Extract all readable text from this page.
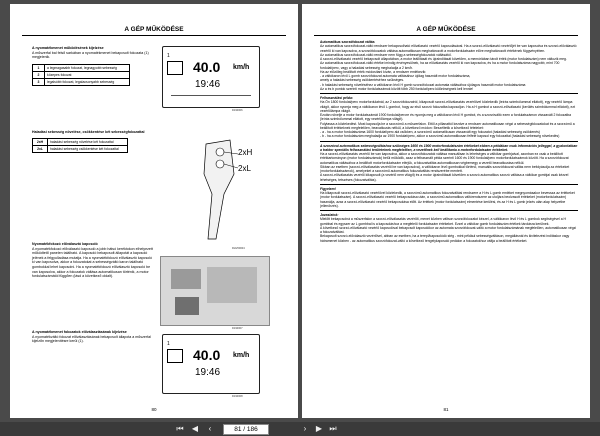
A GÉP MŰKÖDÉSE
A nyomatékmenet működésének kijelzése
A műszerfal bal felső sarkában a nyomatékmenet bekapcsolt fokozata (1) megjelenik.
1	a legmagasabb fokozat, legnagyobb sebesség
2	közepes fokozat
3	legalsóbb fokozat, legalacsonyabb sebesség
1
40.0 km/h
19:46
D190006
Haladási sebesség növelése, csökkentése két sebességfokozattal
2xH	haladási sebesség növelése két fokozattal
2xL	haladási sebesség csökkentése két fokozattal	2xH
2xL
RHV00004
Nyomatékfokozó előválasztó kapcsoló
A nyomatékfokozó előválasztó kapcsoló a jobb hátsó keréktokon elhelyezett működtető panelen található. A kapcsoló bekapcsolt állapotát a kapcsoló jelének a felgyulladása mutatja. Ha a nyomatékfokozó előválasztó kapcsoló ki van kapcsolva, akkor a fokozatokat a sebességváltó karon található gombokkal lehet kapcsolni. Ha a nyomatékfokozó előválasztó kapcsoló be van kapcsolva, akkor a fokozatok váltása automatikusan történik, a motor fordulatszámától függően (lásd a következő oldalt).
D190007
A nyomatékmenet fokozatok előválasztásának kijelzése
A nyomatékváltó fokozat előválasztásának bekapcsolt állapota a műszerfal kijelzőn megjelenítésre kerül (1).	1
40.0 km/h
19:46
D190008
80
A GÉP MŰKÖDÉSE

Automatikus szorzófokozat váltás

Az automatikus szorzófokozat-váltó rendszer bekapcsolható előválasztó vezérlő kapcsolásával. Ha a szorzó-előválasztó vezérlőjét be van kapcsolva és szorzó-előválasztó vezérlő ki van kapcsolva, a szorzófokozatok váltása automatikusan meghatározott a motorfordulatszám előre meghatározott értékének függvényében.

Az automatikus szorzófokozat-váltó rendszer nem függ a sebességfokozatok váltásától.

A szorzó-előválasztó vezérlő bekapcsolt állapotában, a motor leállítását és újraindítását követően, a memóriában tárolt érték (motor fordulatszám) nem változik meg.

Az automatikus szorzófokozat-váltó értékei mindig érvényesülnek, ha az előválasztás vezérlő ki van kapcsolva, és ha a motor fordulatszáma nagyobb, mint 700 fordulat/perc, vagy a haladási sebesség meghaladja a 2 km/h.

Ha az előzőleg beállított érték módosítani kíván, a rendszer emlékezik:

- a váltókaron lévő L gomb szorzófokozat automata váltásához újólag használt motor fordulatszáma,

amely a haladási sebesség csökkentéséhez szükséges.

- b haladási sebesség növeléséhez a váltókaron lévő H gomb szorzófokozat automata váltásához újólagos használt motor fordulatszáma

Az a és b pontok szerinti motor fordulatszámok között több 250 fordulat/perc különbségnek kell lennie!

Felhasználási példa:

Ha Ön 1800 fordulat/perc motorfordulatnál, az 2 szorzófokozatról, kikapcsolt szorzó-előválasztás vezérlővel közlekedik (leírás szimbólummal ellátott), egy vezérlő lámpa világít, akkor nyomja meg a váltókaron lévő L gombot, hogy az első szorzó fokozatba kapcsoljon. Ha a H gombot a szorzó-előválasztó (kerülés szimbólummal ellátott), ezt vezérlőlámpa világít.

Ezután növelje a motor fordulatszámát 1900 fordulat/percre és nyomja meg a váltókaron lévő H gombot, és a szorzóváltó ezen a fordulatszámon visszavált 2 fokozatba (leírás szimbólummal ellátott, egy vezérlőlámpa világít).

Folytassa a közlekedést. Most kapcsolja be a szorzómű a műszerfalon. Ettől a pillanattól kezdve a rendszer automatikusan végzi a sebességfokozatokat és a szorzómű a beállított értékeknek megfelelően, beavatkozás nélkül, a következő módon: Beszéltetik a következő tételeket:

- a - ha a motor fordulatszáma 1600 fordulat/perc alá csökken, a szorzómű automatikusan visszavált egy fokozatot (haladási sebesség csökkenés)

- b - ha a motor fordulatszám meghaladja az 1900 fordulat/perc, akkor a szorzómű automatikusan felfelé kapcsol egy fokozattal (haladási sebesség növekedés)

A szorzóval automatikus sebességváltáshoz szükséges 1600 és 1900 motorfordulatszám értékeket ebben a példában csak információs jelleggel, a gyakorlatban a traktor speciális felhasználási területeinek megfelelően, a vezetőnek kell beállítania a motorfordulatszám értékeket.

Ha a szorzó-előválasztás vezérlő be van kapcsolva, akkor a szorzófokozatok váltása manuálisan is lehetséges a váltókar gombjaival, azonban ez csak a beállított értéktartományon (motor fordulatszámok) belül működik, azaz a felhasznált példa szerinti 1600 és 1900 fordulat/perc motorfordulatszámok között. Ha a szorzófokozat automatikus váltásához a beállított motorfordulatszám elérjük, a fokozatváltás automatikusan végbemegy a vezető beavatkozása nélkül.

Sikban az esetben (szorzó-előválasztás vezérlő be van kapcsolva), a váltókaron lévő gombokkal történő, manuális szorzófokozat váltás nem befolyásolja az értékeket (motorfordulatszámok), amelyeket a szorzómű automatikus fokozatváltás rendszerébe mentett.

A szorzó-előválasztás vezérlő kikapcsolt (a vezérlő nem világít) és a motor újraindítását követően a szorzó automatikus szorzó váltása a váltókar gombjai csak kézzel lehetséges, tetszéses (fokozatváltás).

Figyelem!

Ha kikapcsolt szorzó-előválasztó vezérlővel közlekedik, a szorzómű automatikus fokozatváltási rendszere a H és L gomb emléket megnyomásakor bevessza az értékeket (motor fordulatszám). A szorzó-előválasztó vezérlő bekapcsolása után, a szorzómű automatikus váltórendszere az utoljára beolvasott értékeket (motorfordulatszám) használja, azaz a szorzó-előválasztó vezérlő bekapcsolása előtt. Az értékek (motor fordulatszám) elmentése kerülési, és az H és L gomb jelzés után alap helyzetbe (ellenőrzés).

Javaslatok:

Mielőtt bekapcsolná a műszerfalon a szorzó-előválasztás vezérlőt, menet közben váltson szorzófokozatot kézzel, a váltókaron lévő H és L gombok segítségével a H gombbal és egyszer az L gombbal is a kapcsoláshoz a megfelelő fordulatszám értékeket. Ezzel a váltókar gomb fordulatszám értékek tárolásra kerülnek.

A következő szorzó-előválasztó vezérlő kapcsolóval bekapcsolt kapcsolókor az automata szorzófokozat-váltó a motor fordulatszámának megfelelően, automatikusan végzi a fokozatváltást.

Bekapcsolt szorzó-előválasztó vezérlővel, abban az esetben, ha a terepi/kapcsolódó stég - mint például sebességváltáson, megállásnál és kivitelezést indításkor vagy hátramenet közben - az automatikus szorzófokozat-váltó a következő tengelykapcsoló pedálon a fokozatokhoz váltja a beállított értékeket.

81
⏮ ◀	‹	81 / 186	›	▶ ⏭
